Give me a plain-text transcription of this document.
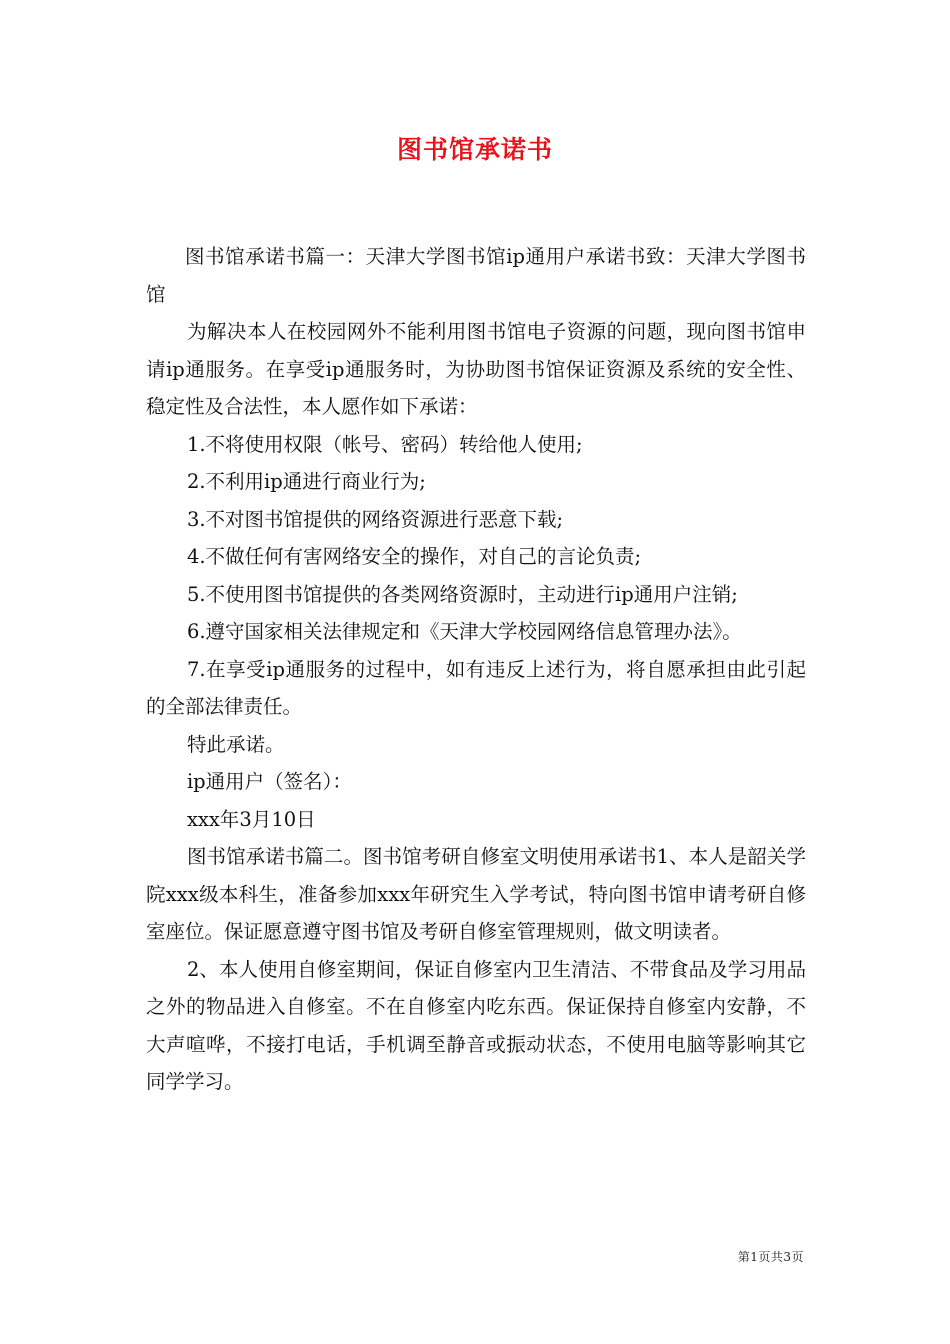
图书馆承诺书

图书馆承诺书篇一：天津大学图书馆ip通用户承诺书致：天津大学图书馆

为解决本人在校园网外不能利用图书馆电子资源的问题，现向图书馆申请ip通服务。在享受ip通服务时，为协助图书馆保证资源及系统的安全性、稳定性及合法性，本人愿作如下承诺：

1.不将使用权限（帐号、密码）转给他人使用;

2.不利用ip通进行商业行为;

3.不对图书馆提供的网络资源进行恶意下载;

4.不做任何有害网络安全的操作，对自己的言论负责;

5.不使用图书馆提供的各类网络资源时，主动进行ip通用户注销;

6.遵守国家相关法律规定和《天津大学校园网络信息管理办法》。

7.在享受ip通服务的过程中，如有违反上述行为，将自愿承担由此引起的全部法律责任。

特此承诺。

ip通用户（签名）：

xxx年3月10日

图书馆承诺书篇二。图书馆考研自修室文明使用承诺书1、本人是韶关学院xxx级本科生，准备参加xxx年研究生入学考试，特向图书馆申请考研自修室座位。保证愿意遵守图书馆及考研自修室管理规则，做文明读者。

2、本人使用自修室期间，保证自修室内卫生清洁、不带食品及学习用品之外的物品进入自修室。不在自修室内吃东西。保证保持自修室内安静，不大声喧哗，不接打电话，手机调至静音或振动状态，不使用电脑等影响其它同学学习。

第1页共3页
